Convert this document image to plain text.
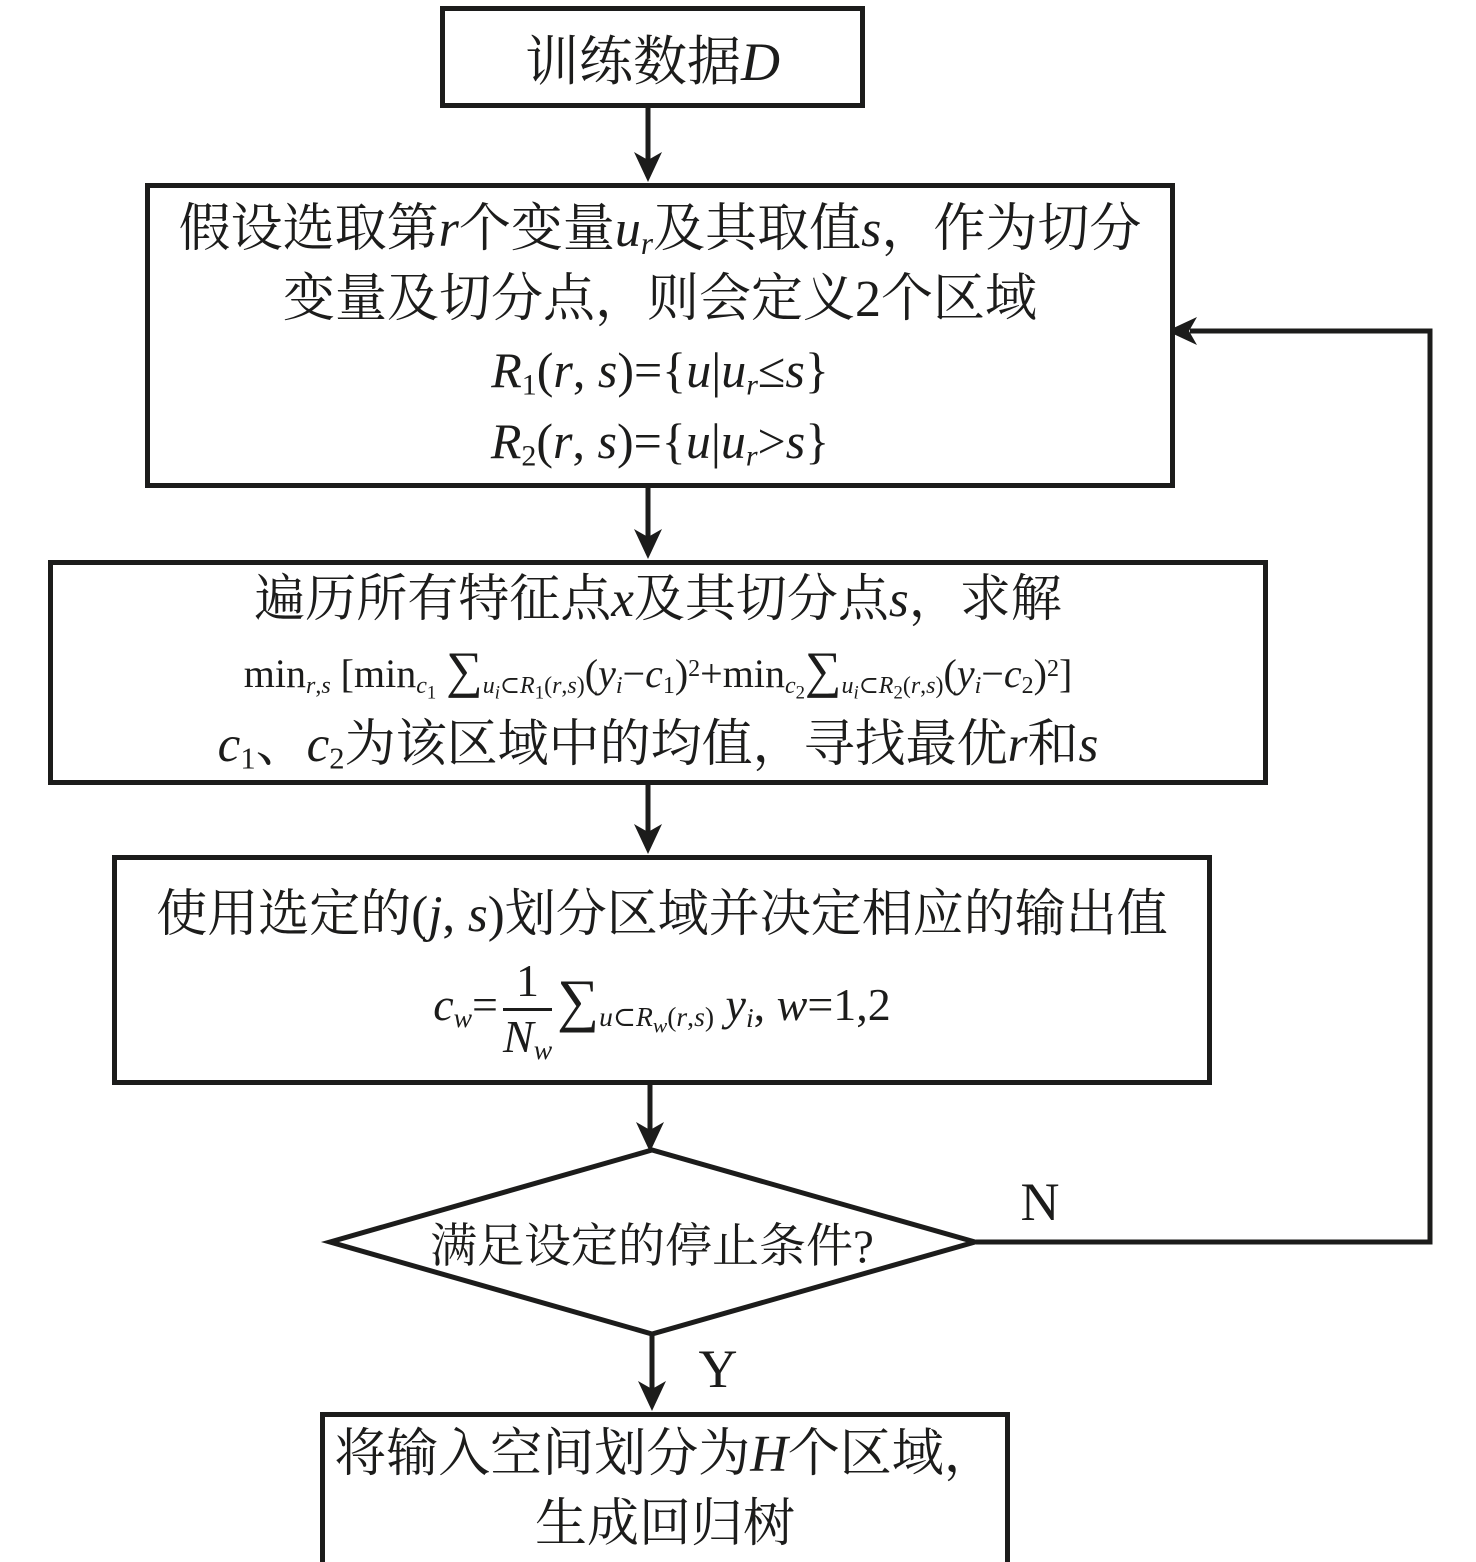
训练数据D
假设选取第r个变量$u_r$及其取值s，作为切分
变量及切分点，则会定义2个区域
$R_1(r$, $s)=\{u|u_r\le s\}$
$R_2(r$, $s)=\{u|u_r>s\}$
遍历所有特征点x及其切分点s，求解
$\min_{r,s} [\min_{c_1}$ $\sum_{u_i\subset R_1(r,s)}(y_i-c_1)^2+\min_{c_2}\sum_{u_i\subset R_2(r,s)}(y_i-c_2)^2$]
$c_1$、$c_2$为该区域中的均值，寻找最优r和s
使用选定的(j, s)划分区域并决定相应的输出值
$c_w= \frac{1}{N_w} \sum_{u\subset R_w(r,s)}$ $y_i$, w=1,2
满足设定的停止条件?
N
Y
将输入空间划分为H个区域，
生成回归树
